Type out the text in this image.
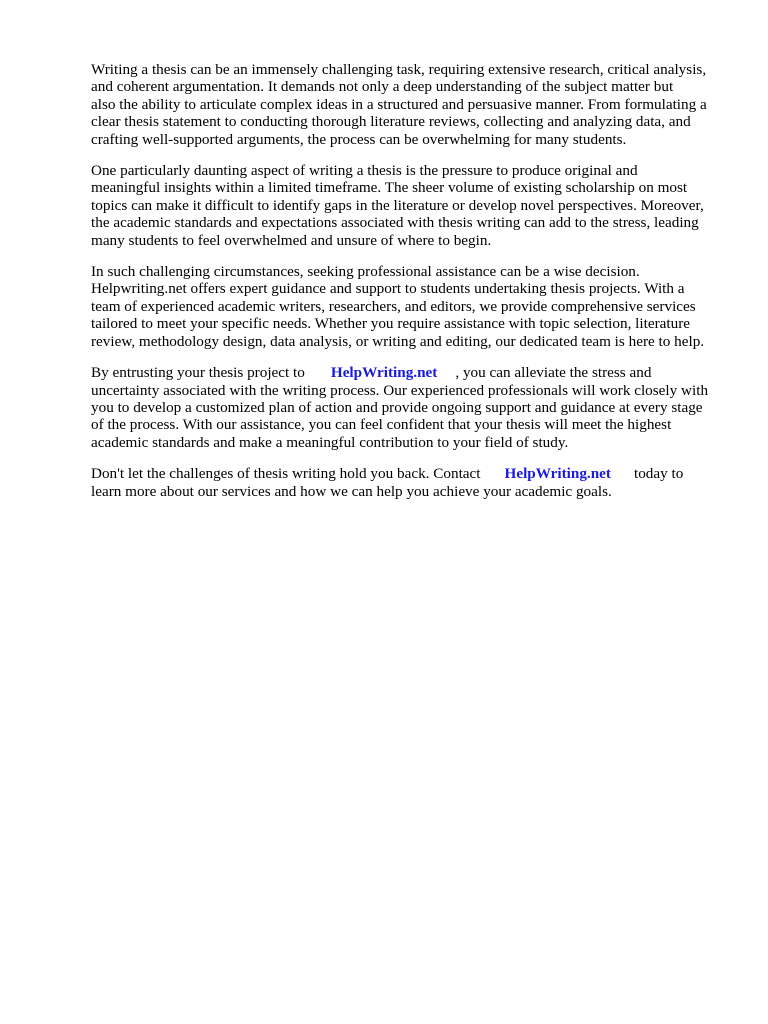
Writing a thesis can be an immensely challenging task, requiring extensive research, critical analysis,
and coherent argumentation. It demands not only a deep understanding of the subject matter but
also the ability to articulate complex ideas in a structured and persuasive manner. From formulating a
clear thesis statement to conducting thorough literature reviews, collecting and analyzing data, and
crafting well-supported arguments, the process can be overwhelming for many students.

One particularly daunting aspect of writing a thesis is the pressure to produce original and
meaningful insights within a limited timeframe. The sheer volume of existing scholarship on most
topics can make it difficult to identify gaps in the literature or develop novel perspectives. Moreover,
the academic standards and expectations associated with thesis writing can add to the stress, leading
many students to feel overwhelmed and unsure of where to begin.

In such challenging circumstances, seeking professional assistance can be a wise decision.
Helpwriting.net offers expert guidance and support to students undertaking thesis projects. With a
team of experienced academic writers, researchers, and editors, we provide comprehensive services
tailored to meet your specific needs. Whether you require assistance with topic selection, literature
review, methodology design, data analysis, or writing and editing, our dedicated team is here to help.

By entrusting your thesis project to HelpWriting.net , you can alleviate the stress and
uncertainty associated with the writing process. Our experienced professionals will work closely with
you to develop a customized plan of action and provide ongoing support and guidance at every stage
of the process. With our assistance, you can feel confident that your thesis will meet the highest
academic standards and make a meaningful contribution to your field of study.

Don't let the challenges of thesis writing hold you back. Contact HelpWriting.net today to
learn more about our services and how we can help you achieve your academic goals.
